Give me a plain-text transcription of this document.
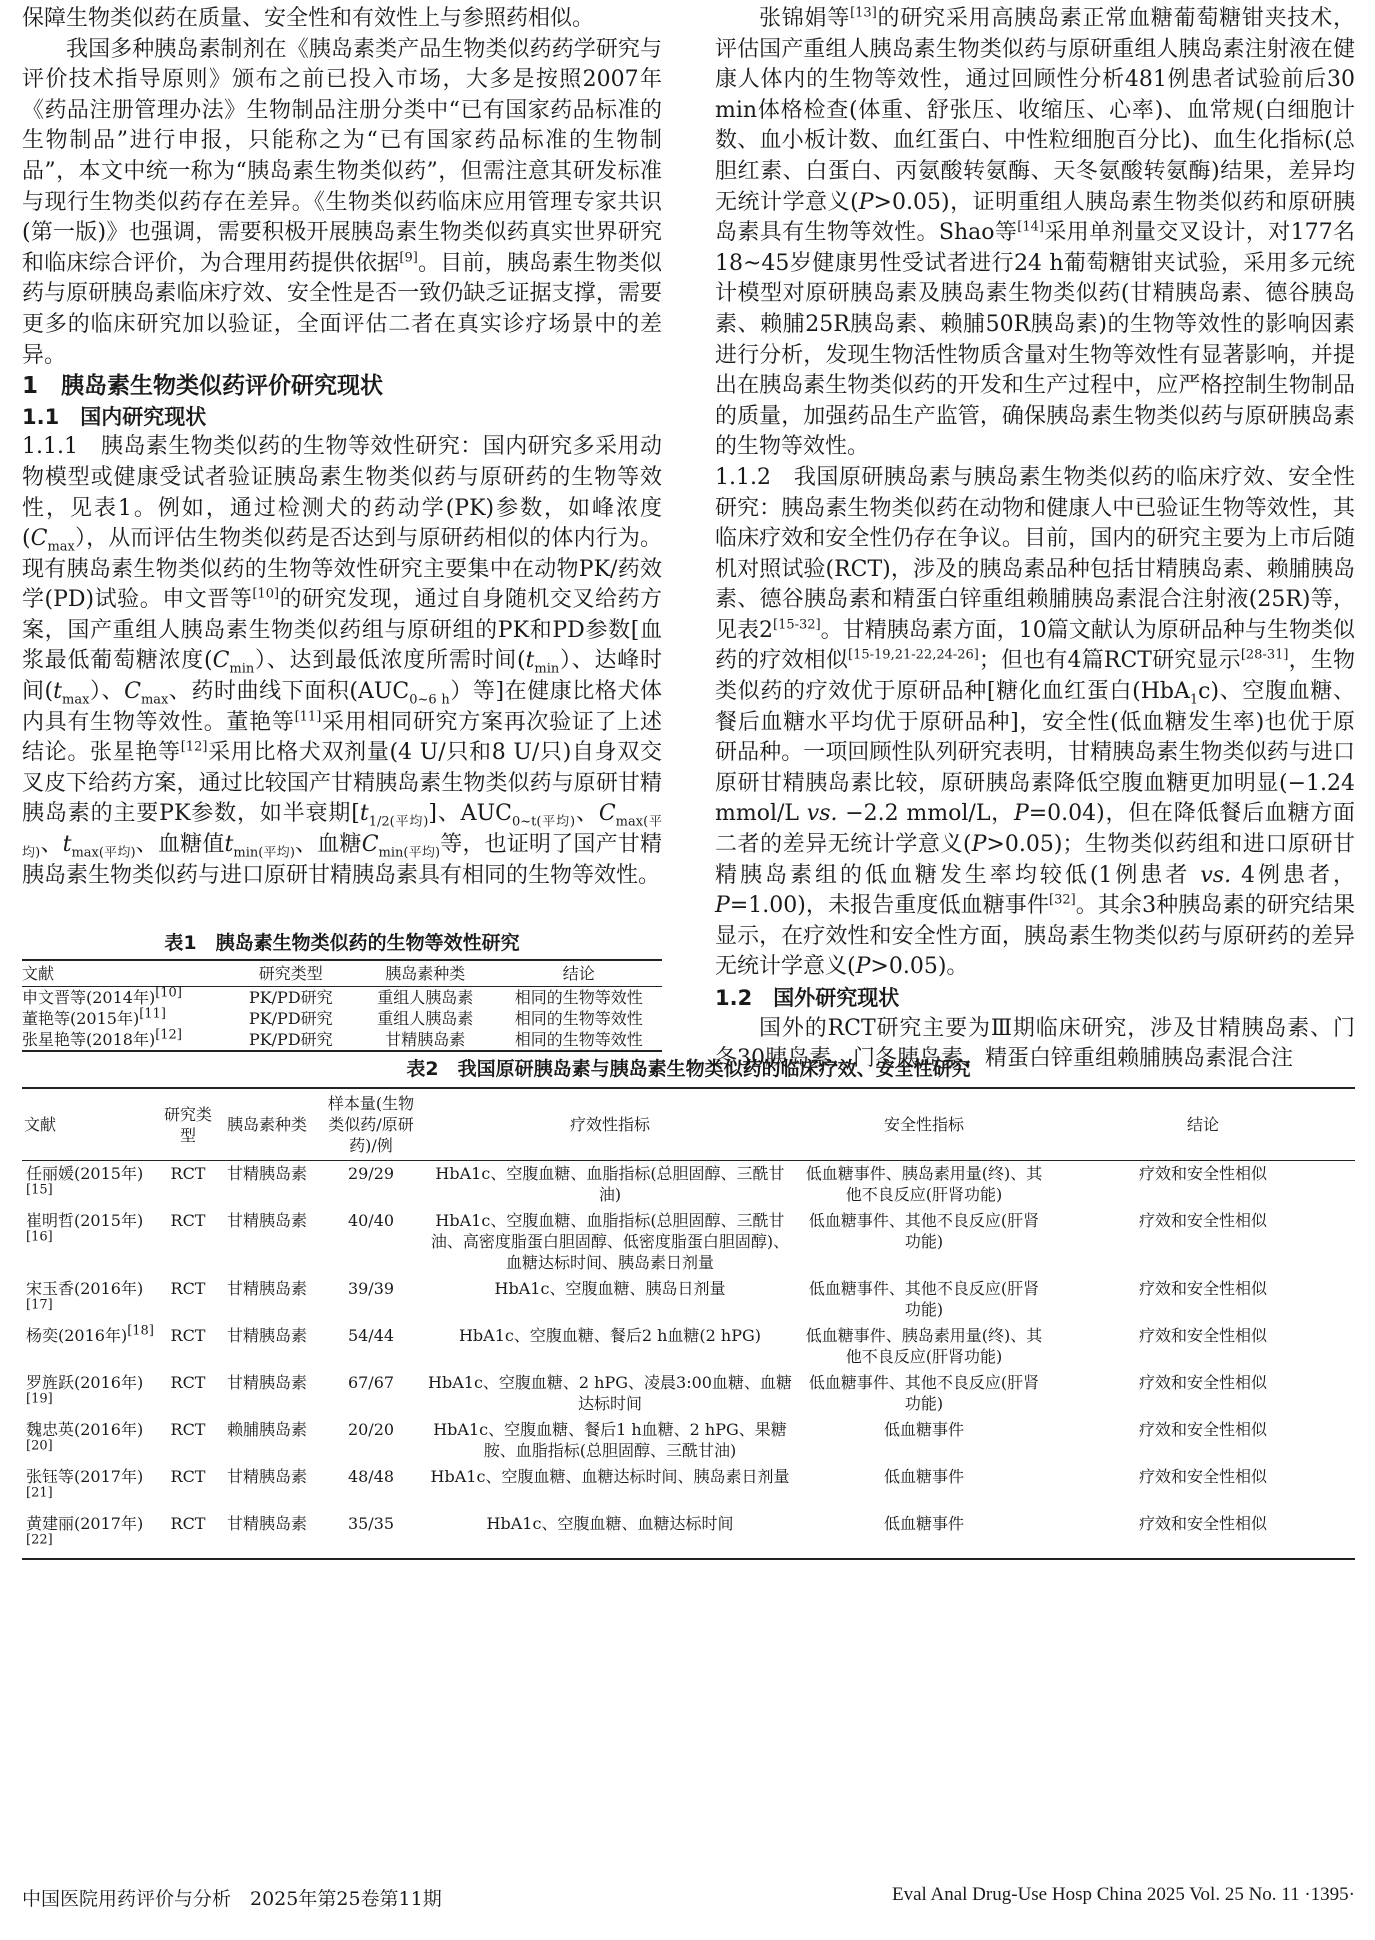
保障生物类似药在质量、安全性和有效性上与参照药相似。

我国多种胰岛素制剂在《胰岛素类产品生物类似药药学研究与评价技术指导原则》颁布之前已投入市场，大多是按照2007年《药品注册管理办法》生物制品注册分类中“已有国家药品标准的生物制品”进行申报，只能称之为“已有国家药品标准的生物制品”，本文中统一称为“胰岛素生物类似药”，但需注意其研发标准与现行生物类似药存在差异。《生物类似药临床应用管理专家共识(第一版)》也强调，需要积极开展胰岛素生物类似药真实世界研究和临床综合评价，为合理用药提供依据[9]。目前，胰岛素生物类似药与原研胰岛素临床疗效、安全性是否一致仍缺乏证据支撑，需要更多的临床研究加以验证，全面评估二者在真实诊疗场景中的差异。

1　胰岛素生物类似药评价研究现状

1.1　国内研究现状

1.1.1　胰岛素生物类似药的生物等效性研究：国内研究多采用动物模型或健康受试者验证胰岛素生物类似药与原研药的生物等效性，见表1。例如，通过检测犬的药动学(PK)参数，如峰浓度$(C_{max})$，从而评估生物类似药是否达到与原研药相似的体内行为。现有胰岛素生物类似药的生物等效性研究主要集中在动物PK/药效学(PD)试验。申文晋等[10]的研究发现，通过自身随机交叉给药方案，国产重组人胰岛素生物类似药组与原研组的PK和PD参数[血浆最低葡萄糖浓度$(C_{min})$、达到最低浓度所需时间$(t_{min})$、达峰时间$(t_{max})$、$C_{max}$、药时曲线下面积$(AUC_{0\sim 6 h})$等]在健康比格犬体内具有生物等效性。董艳等[11]采用相同研究方案再次验证了上述结论。张星艳等[12]采用比格犬双剂量(4 U/只和8 U/只)自身双交叉皮下给药方案，通过比较国产甘精胰岛素生物类似药与原研甘精胰岛素的主要PK参数，如半衰期$[t_{1/2(平均)}]$、$AUC_{0\sim t(平均)}$、$C_{max(平均)}$、$t_{max(平均)}$、血糖值$t_{min(平均)}$、血糖$C_{min(平均)}$等，也证明了国产甘精胰岛素生物类似药与进口原研甘精胰岛素具有相同的生物等效性。

张锦娟等[13]的研究采用高胰岛素正常血糖葡萄糖钳夹技术，评估国产重组人胰岛素生物类似药与原研重组人胰岛素注射液在健康人体内的生物等效性，通过回顾性分析481例患者试验前后30 min体格检查(体重、舒张压、收缩压、心率)、血常规(白细胞计数、血小板计数、血红蛋白、中性粒细胞百分比)、血生化指标(总胆红素、白蛋白、丙氨酸转氨酶、天冬氨酸转氨酶)结果，差异均无统计学意义(P>0.05)，证明重组人胰岛素生物类似药和原研胰岛素具有生物等效性。Shao等[14]采用单剂量交叉设计，对177名18~45岁健康男性受试者进行24 h葡萄糖钳夹试验，采用多元统计模型对原研胰岛素及胰岛素生物类似药(甘精胰岛素、德谷胰岛素、赖脯25R胰岛素、赖脯50R胰岛素)的生物等效性的影响因素进行分析，发现生物活性物质含量对生物等效性有显著影响，并提出在胰岛素生物类似药的开发和生产过程中，应严格控制生物制品的质量，加强药品生产监管，确保胰岛素生物类似药与原研胰岛素的生物等效性。

1.1.2　我国原研胰岛素与胰岛素生物类似药的临床疗效、安全性研究：胰岛素生物类似药在动物和健康人中已验证生物等效性，其临床疗效和安全性仍存在争议。目前，国内的研究主要为上市后随机对照试验(RCT)，涉及的胰岛素品种包括甘精胰岛素、赖脯胰岛素、德谷胰岛素和精蛋白锌重组赖脯胰岛素混合注射液(25R)等，见表2[15-32]。甘精胰岛素方面，10篇文献认为原研品种与生物类似药的疗效相似[15-19,21-22,24-26]；但也有4篇RCT研究显示[28-31]，生物类似药的疗效优于原研品种[糖化血红蛋白(HbA$_1$c)、空腹血糖、餐后血糖水平均优于原研品种]，安全性(低血糖发生率)也优于原研品种。一项回顾性队列研究表明，甘精胰岛素生物类似药与进口原研甘精胰岛素比较，原研胰岛素降低空腹血糖更加明显(−1.24 mmol/L vs. −2.2 mmol/L，P=0.04)，但在降低餐后血糖方面二者的差异无统计学意义(P>0.05)；生物类似药组和进口原研甘精胰岛素组的低血糖发生率均较低(1例患者 vs. 4例患者，P=1.00)，未报告重度低血糖事件[32]。其余3种胰岛素的研究结果显示，在疗效性和安全性方面，胰岛素生物类似药与原研药的差异无统计学意义(P>0.05)。

1.2　国外研究现状

国外的RCT研究主要为Ⅲ期临床研究，涉及甘精胰岛素、门冬30胰岛素、门冬胰岛素、精蛋白锌重组赖脯胰岛素混合注

表1　胰岛素生物类似药的生物等效性研究
文献	研究类型	胰岛素种类	结论
申文晋等(2014年)[10]	PK/PD研究	重组人胰岛素	相同的生物等效性
董艳等(2015年)[11]	PK/PD研究	重组人胰岛素	相同的生物等效性
张星艳等(2018年)[12]	PK/PD研究	甘精胰岛素	相同的生物等效性
表2　我国原研胰岛素与胰岛素生物类似药的临床疗效、安全性研究
文献	研究类型	胰岛素种类	样本量(生物类似药/原研药)/例	疗效性指标	安全性指标	结论
任丽媛(2015年)[15]	RCT	甘精胰岛素	29/29	HbA1c、空腹血糖、血脂指标(总胆固醇、三酰甘油)	低血糖事件、胰岛素用量(终)、其他不良反应(肝肾功能)	疗效和安全性相似
崔明哲(2015年)[16]	RCT	甘精胰岛素	40/40	HbA1c、空腹血糖、血脂指标(总胆固醇、三酰甘油、高密度脂蛋白胆固醇、低密度脂蛋白胆固醇)、血糖达标时间、胰岛素日剂量	低血糖事件、其他不良反应(肝肾功能)	疗效和安全性相似
宋玉香(2016年)[17]	RCT	甘精胰岛素	39/39	HbA1c、空腹血糖、胰岛日剂量	低血糖事件、其他不良反应(肝肾功能)	疗效和安全性相似
杨奕(2016年)[18]	RCT	甘精胰岛素	54/44	HbA1c、空腹血糖、餐后2 h血糖(2 hPG)	低血糖事件、胰岛素用量(终)、其他不良反应(肝肾功能)	疗效和安全性相似
罗旌跃(2016年)[19]	RCT	甘精胰岛素	67/67	HbA1c、空腹血糖、2 hPG、凌晨3:00血糖、血糖达标时间	低血糖事件、其他不良反应(肝肾功能)	疗效和安全性相似
魏忠英(2016年)[20]	RCT	赖脯胰岛素	20/20	HbA1c、空腹血糖、餐后1 h血糖、2 hPG、果糖胺、血脂指标(总胆固醇、三酰甘油)	低血糖事件	疗效和安全性相似
张钰等(2017年)[21]	RCT	甘精胰岛素	48/48	HbA1c、空腹血糖、血糖达标时间、胰岛素日剂量	低血糖事件	疗效和安全性相似
黄建丽(2017年)[22]	RCT	甘精胰岛素	35/35	HbA1c、空腹血糖、血糖达标时间	低血糖事件	疗效和安全性相似
中国医院用药评价与分析　2025年第25卷第11期	Eval Anal Drug-Use Hosp China 2025 Vol. 25 No. 11 ·1395·
